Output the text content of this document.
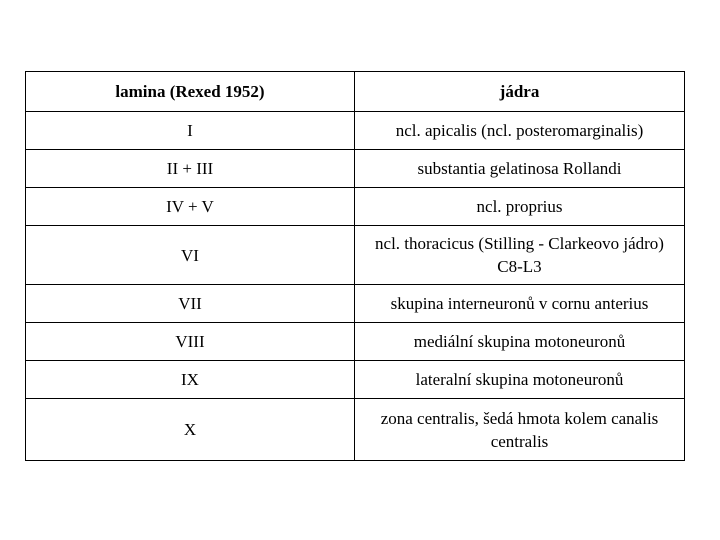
lamina (Rexed 1952)	jádra
I	ncl. apicalis (ncl. posteromarginalis)
II + III	substantia gelatinosa Rollandi
IV + V	ncl. proprius
VI	ncl. thoracicus (Stilling - Clarkeovo jádro) C8-L3
VII	skupina interneuronů v cornu anterius
VIII	mediální skupina motoneuronů
IX	lateralní skupina motoneuronů
X	zona centralis, šedá hmota kolem canalis centralis
